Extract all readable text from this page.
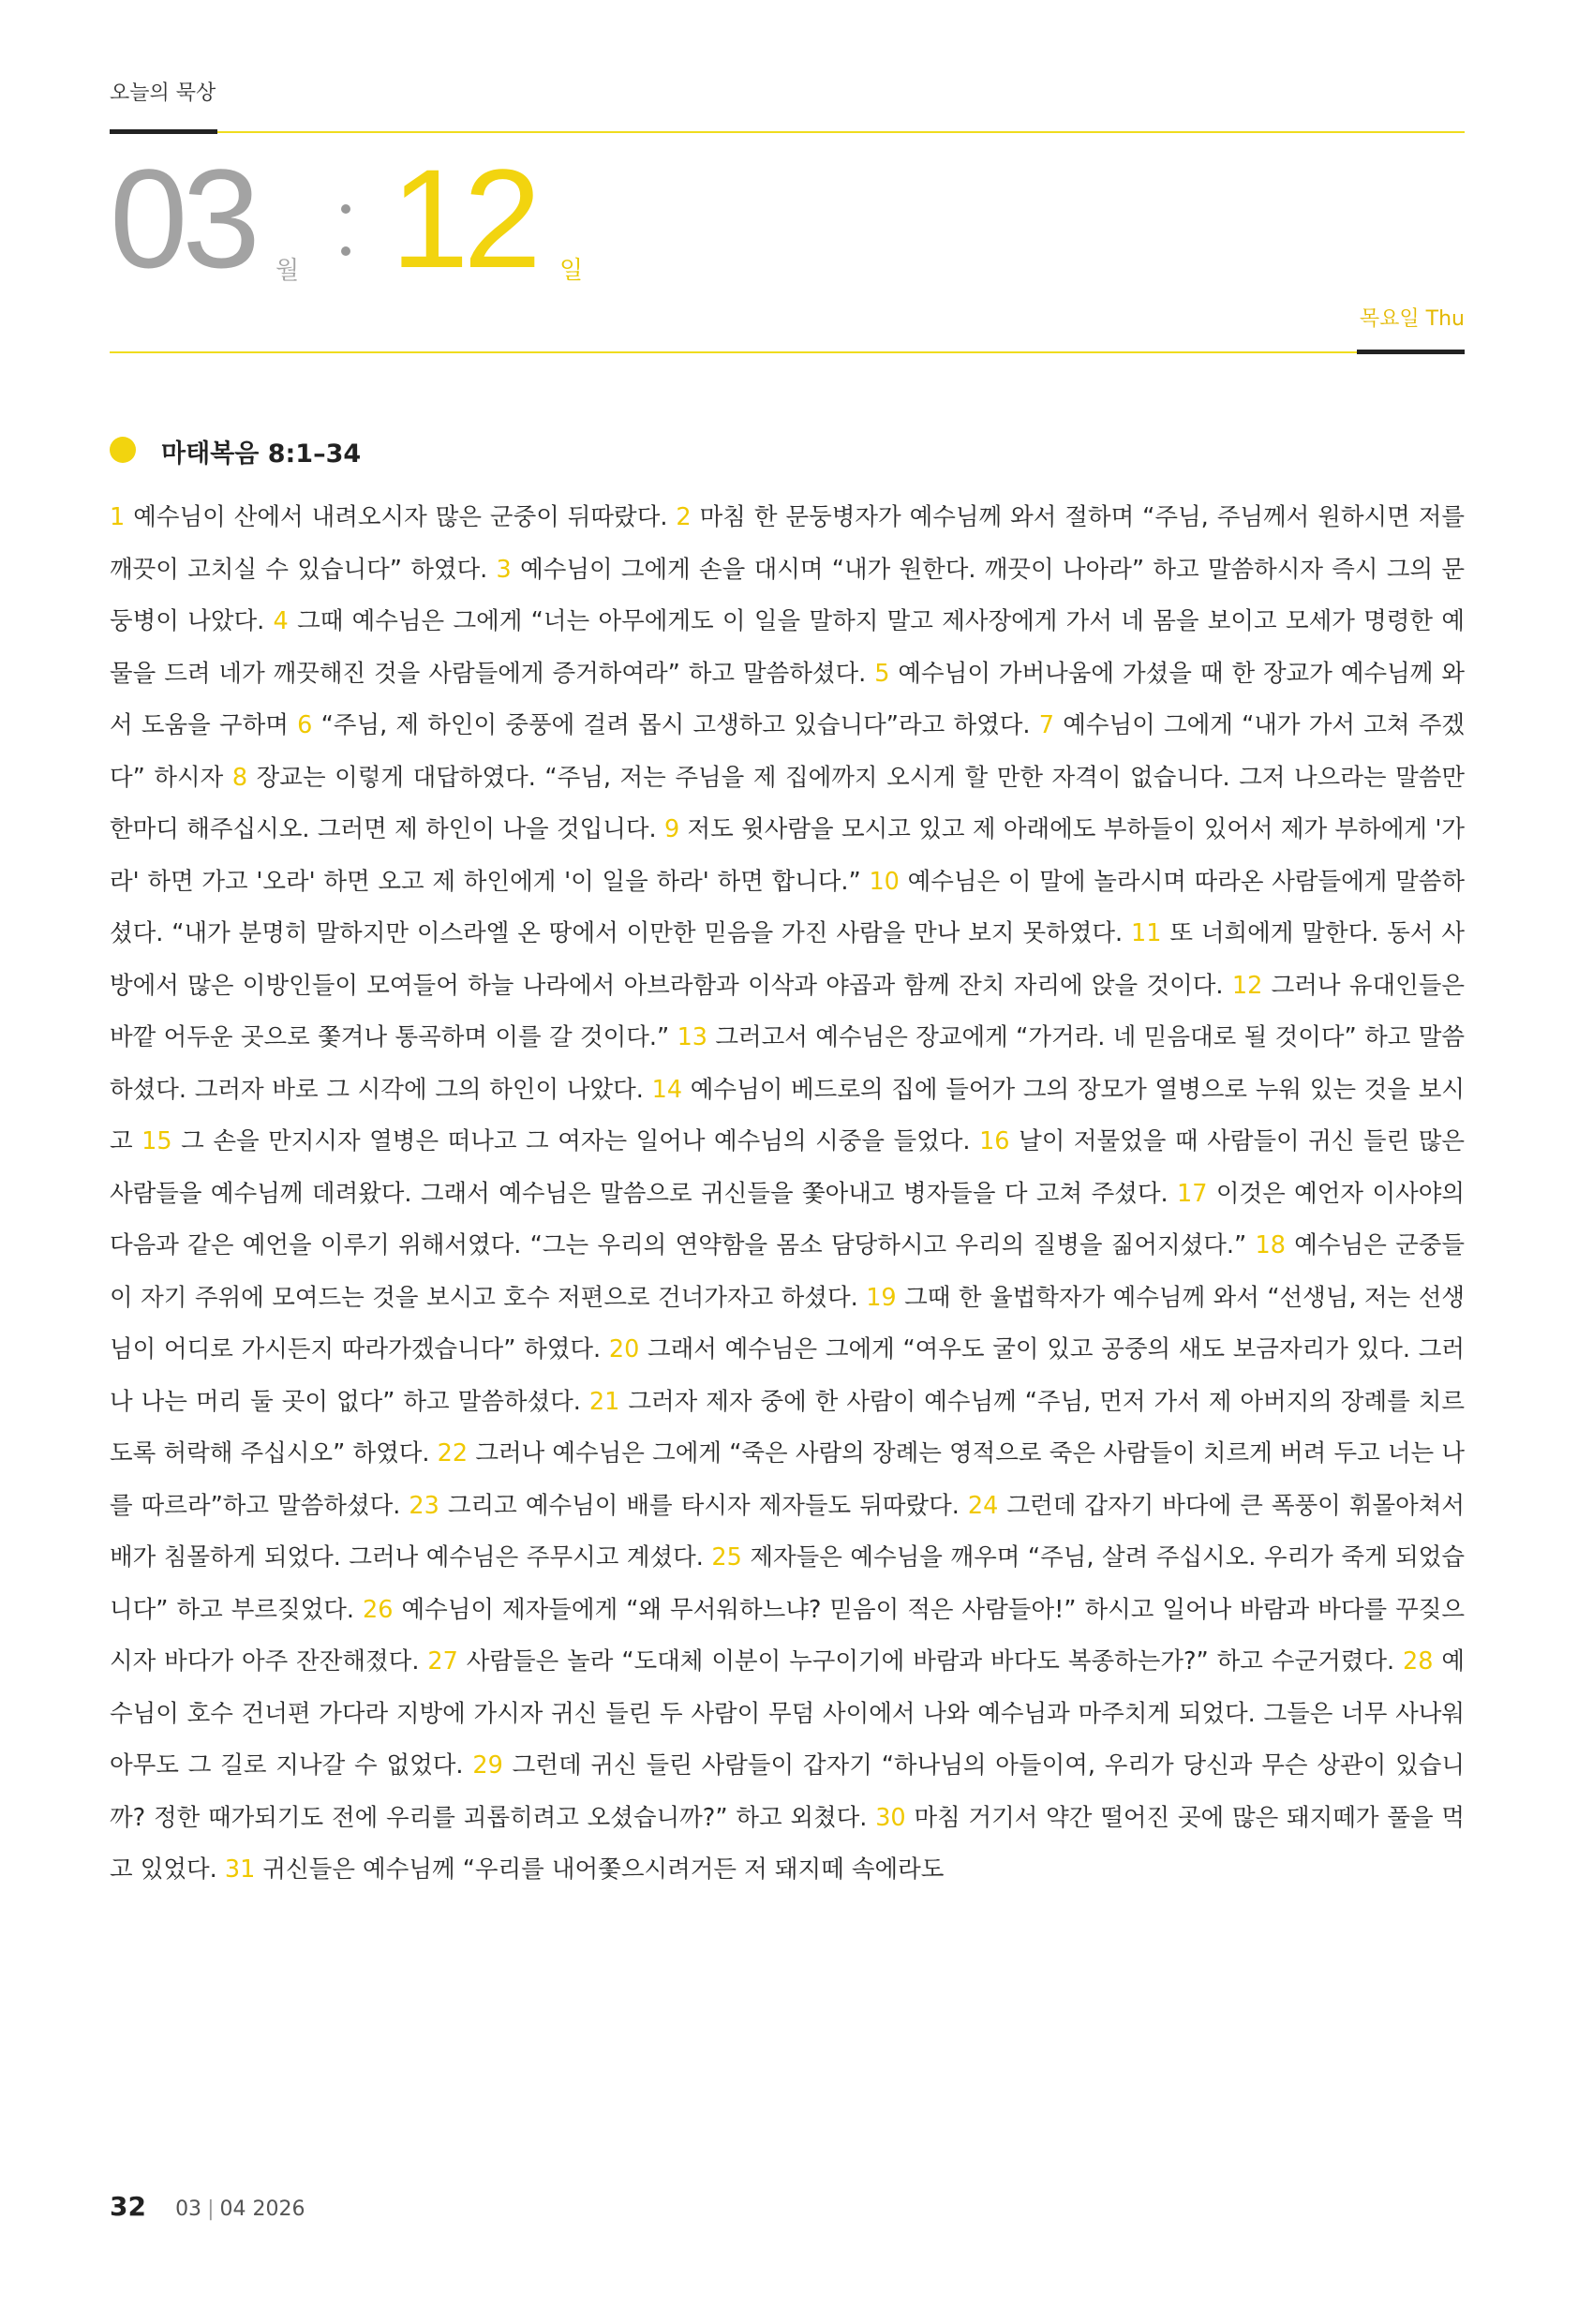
오늘의 묵상
03 월 12 일
목요일 Thu
마태복음 8:1–34
1 예수님이 산에서 내려오시자 많은 군중이 뒤따랐다. 2 마침 한 문둥병자가 예수님께 와서 절하며 “주님, 주님께서 원하시면 저를 깨끗이 고치실 수 있습니다” 하였다. 3 예수님이 그에게 손을 대시며 “내가 원한다. 깨끗이 나아라” 하고 말씀하시자 즉시 그의 문둥병이 나았다. 4 그때 예수님은 그에게 “너는 아무에게도 이 일을 말하지 말고 제사장에게 가서 네 몸을 보이고 모세가 명령한 예물을 드려 네가 깨끗해진 것을 사람들에게 증거하여라” 하고 말씀하셨다. 5 예수님이 가버나움에 가셨을 때 한 장교가 예수님께 와서 도움을 구하며 6 “주님, 제 하인이 중풍에 걸려 몹시 고생하고 있습니다”라고 하였다. 7 예수님이 그에게 “내가 가서 고쳐 주겠다” 하시자 8 장교는 이렇게 대답하였다. “주님, 저는 주님을 제 집에까지 오시게 할 만한 자격이 없습니다. 그저 나으라는 말씀만 한마디 해주십시오. 그러면 제 하인이 나을 것입니다. 9 저도 윗사람을 모시고 있고 제 아래에도 부하들이 있어서 제가 부하에게 '가라' 하면 가고 '오라' 하면 오고 제 하인에게 '이 일을 하라' 하면 합니다.” 10 예수님은 이 말에 놀라시며 따라온 사람들에게 말씀하셨다. “내가 분명히 말하지만 이스라엘 온 땅에서 이만한 믿음을 가진 사람을 만나 보지 못하였다. 11 또 너희에게 말한다. 동서 사방에서 많은 이방인들이 모여들어 하늘 나라에서 아브라함과 이삭과 야곱과 함께 잔치 자리에 앉을 것이다. 12 그러나 유대인들은 바깥 어두운 곳으로 쫓겨나 통곡하며 이를 갈 것이다.” 13 그러고서 예수님은 장교에게 “가거라. 네 믿음대로 될 것이다” 하고 말씀하셨다. 그러자 바로 그 시각에 그의 하인이 나았다. 14 예수님이 베드로의 집에 들어가 그의 장모가 열병으로 누워 있는 것을 보시고 15 그 손을 만지시자 열병은 떠나고 그 여자는 일어나 예수님의 시중을 들었다. 16 날이 저물었을 때 사람들이 귀신 들린 많은 사람들을 예수님께 데려왔다. 그래서 예수님은 말씀으로 귀신들을 쫓아내고 병자들을 다 고쳐 주셨다. 17 이것은 예언자 이사야의 다음과 같은 예언을 이루기 위해서였다. “그는 우리의 연약함을 몸소 담당하시고 우리의 질병을 짊어지셨다.” 18 예수님은 군중들이 자기 주위에 모여드는 것을 보시고 호수 저편으로 건너가자고 하셨다. 19 그때 한 율법학자가 예수님께 와서 “선생님, 저는 선생님이 어디로 가시든지 따라가겠습니다” 하였다. 20 그래서 예수님은 그에게 “여우도 굴이 있고 공중의 새도 보금자리가 있다. 그러나 나는 머리 둘 곳이 없다” 하고 말씀하셨다. 21 그러자 제자 중에 한 사람이 예수님께 “주님, 먼저 가서 제 아버지의 장례를 치르도록 허락해 주십시오” 하였다. 22 그러나 예수님은 그에게 “죽은 사람의 장례는 영적으로 죽은 사람들이 치르게 버려 두고 너는 나를 따르라”하고 말씀하셨다. 23 그리고 예수님이 배를 타시자 제자들도 뒤따랐다. 24 그런데 갑자기 바다에 큰 폭풍이 휘몰아쳐서 배가 침몰하게 되었다. 그러나 예수님은 주무시고 계셨다. 25 제자들은 예수님을 깨우며 “주님, 살려 주십시오. 우리가 죽게 되었습니다” 하고 부르짖었다. 26 예수님이 제자들에게 “왜 무서워하느냐? 믿음이 적은 사람들아!” 하시고 일어나 바람과 바다를 꾸짖으시자 바다가 아주 잔잔해졌다. 27 사람들은 놀라 “도대체 이분이 누구이기에 바람과 바다도 복종하는가?” 하고 수군거렸다. 28 예수님이 호수 건너편 가다라 지방에 가시자 귀신 들린 두 사람이 무덤 사이에서 나와 예수님과 마주치게 되었다. 그들은 너무 사나워 아무도 그 길로 지나갈 수 없었다. 29 그런데 귀신 들린 사람들이 갑자기 “하나님의 아들이여, 우리가 당신과 무슨 상관이 있습니까? 정한 때가되기도 전에 우리를 괴롭히려고 오셨습니까?” 하고 외쳤다. 30 마침 거기서 약간 떨어진 곳에 많은 돼지떼가 풀을 먹고 있었다. 31 귀신들은 예수님께 “우리를 내어쫓으시려거든 저 돼지떼 속에라도
32 03 | 04 2026
